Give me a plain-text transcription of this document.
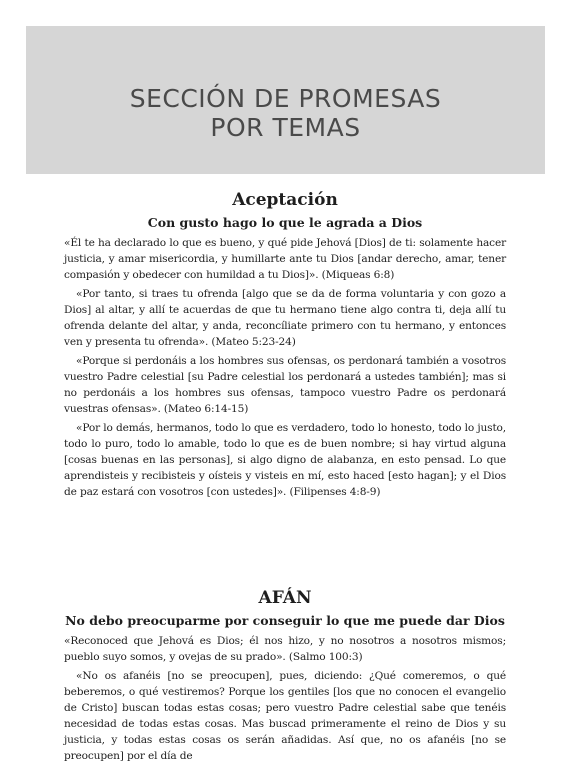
SECCIÓN DE PROMESAS
POR TEMAS
Aceptación
Con gusto hago lo que le agrada a Dios

«Él te ha declarado lo que es bueno, y qué pide Jehová [Dios] de ti: solamente hacer justicia, y amar misericordia, y humillarte ante tu Dios [andar derecho, amar, tener compasión y obedecer con humildad a tu Dios]». (Miqueas 6:8)

«Por tanto, si traes tu ofrenda [algo que se da de forma voluntaria y con gozo a Dios] al altar, y allí te acuerdas de que tu hermano tiene algo contra ti, deja allí tu ofrenda delante del altar, y anda, reconcíliate primero con tu hermano, y entonces ven y presenta tu ofrenda». (Mateo 5:23-24)

«Porque si perdonáis a los hombres sus ofensas, os perdonará también a vosotros vuestro Padre celestial [su Padre celestial los perdonará a ustedes también]; mas si no perdonáis a los hombres sus ofensas, tampoco vuestro Padre os perdonará vuestras ofensas». (Mateo 6:14-15)

«Por lo demás, hermanos, todo lo que es verdadero, todo lo honesto, todo lo justo, todo lo puro, todo lo amable, todo lo que es de buen nombre; si hay virtud alguna [cosas buenas en las personas], si algo digno de alabanza, en esto pensad. Lo que aprendisteis y recibisteis y oísteis y visteis en mí, esto haced [esto hagan]; y el Dios de paz estará con vosotros [con ustedes]». (Filipenses 4:8-9)

AFÁN
No debo preocuparme por conseguir lo que me puede dar Dios

«Reconoced que Jehová es Dios; él nos hizo, y no nosotros a nosotros mismos; pueblo suyo somos, y ovejas de su prado». (Salmo 100:3)

«No os afanéis [no se preocupen], pues, diciendo: ¿Qué comeremos, o qué beberemos, o qué vestiremos? Porque los gentiles [los que no conocen el evangelio de Cristo] buscan todas estas cosas; pero vuestro Padre celestial sabe que tenéis necesidad de todas estas cosas. Mas buscad primeramente el reino de Dios y su justicia, y todas estas cosas os serán añadidas. Así que, no os afanéis [no se preocupen] por el día de
